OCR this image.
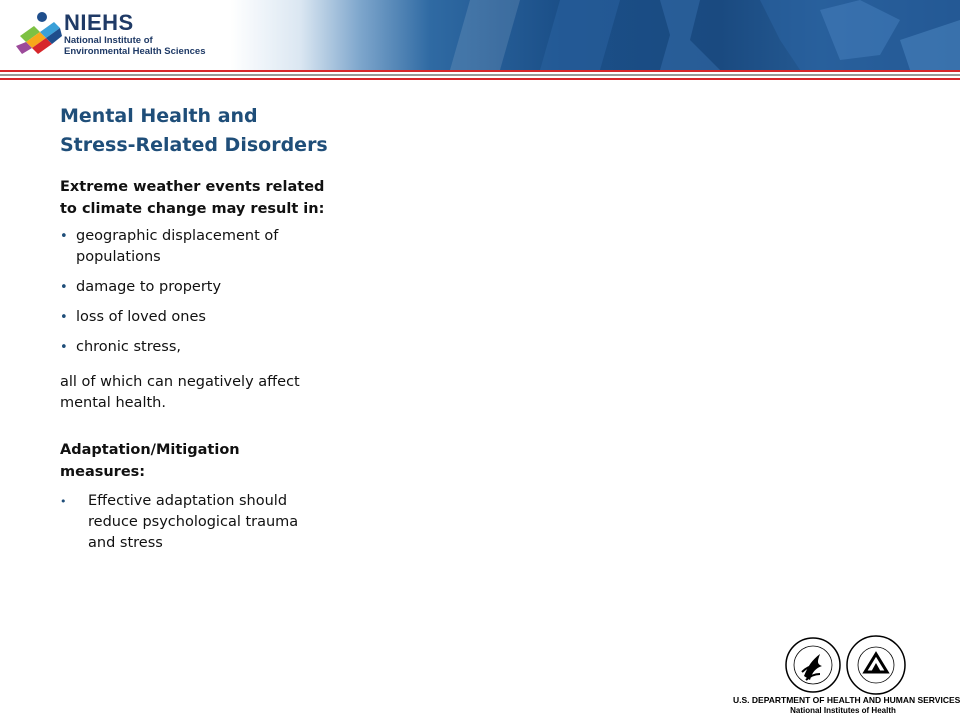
NIEHS
National Institute of
Environmental Health Sciences
Mental Health and
Stress-Related Disorders

Extreme weather events related
to climate change may result in:

• geographic displacement of
populations
• damage to property
• loss of loved ones
• chronic stress,

all of which can negatively affect
mental health.

Adaptation/Mitigation
measures:

• Effective adaptation should
reduce psychological trauma
and stress
U.S. DEPARTMENT OF HEALTH AND HUMAN SERVICES
National Institutes of Health
